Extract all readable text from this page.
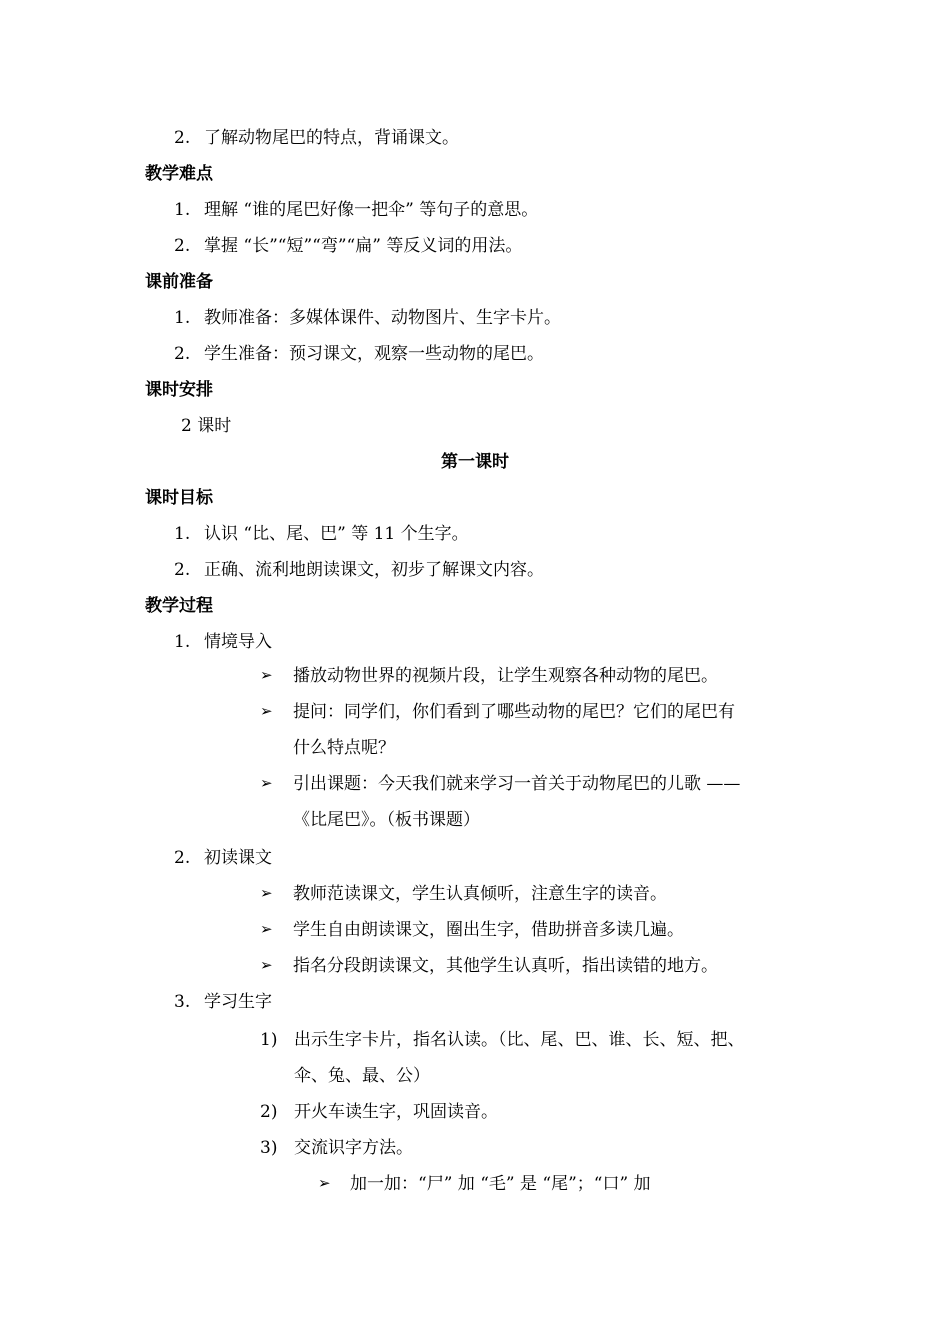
2. 了解动物尾巴的特点，背诵课文。
教学难点
1. 理解 “谁的尾巴好像一把伞” 等句子的意思。
2. 掌握 “长”“短”“弯”“扁” 等反义词的用法。
课前准备
1. 教师准备：多媒体课件、动物图片、生字卡片。
2. 学生准备：预习课文，观察一些动物的尾巴。
课时安排
2 课时
第一课时
课时目标
1. 认识 “比、尾、巴” 等 11 个生字。
2. 正确、流利地朗读课文，初步了解课文内容。
教学过程
1. 情境导入
➢ 播放动物世界的视频片段，让学生观察各种动物的尾巴。
➢ 提问：同学们，你们看到了哪些动物的尾巴？它们的尾巴有
什么特点呢？
➢ 引出课题：今天我们就来学习一首关于动物尾巴的儿歌 ——
《比尾巴》。（板书课题）
2. 初读课文
➢ 教师范读课文，学生认真倾听，注意生字的读音。
➢ 学生自由朗读课文，圈出生字，借助拼音多读几遍。
➢ 指名分段朗读课文，其他学生认真听，指出读错的地方。
3. 学习生字
1) 出示生字卡片，指名认读。（比、尾、巴、谁、长、短、把、
伞、兔、最、公）
2) 开火车读生字，巩固读音。
3) 交流识字方法。
➢ 加一加：“尸” 加 “毛” 是 “尾”；“口” 加
